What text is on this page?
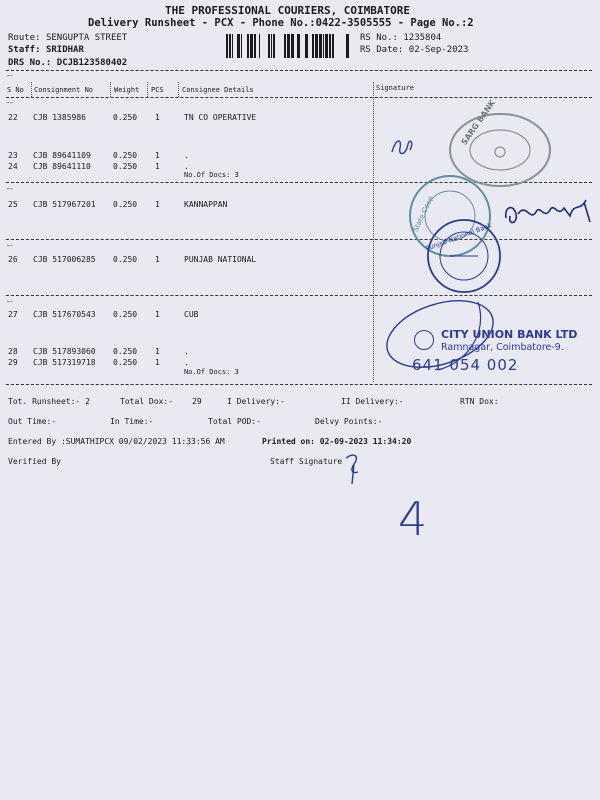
THE PROFESSIONAL COURIERS, COIMBATORE
Delivery Runsheet - PCX - Phone No.:0422-3505555 - Page No.:2
Route: SENGUPTA STREET
Staff: SRIDHAR
DRS No.: DCJB123580402
RS No.: 1235804
RS Date: 02-Sep-2023
--
S No Consignment No	Weight PCS	Consignee Details	Signature
--
22 CJB 1385986	0.250 1	TN CO OPERATIVE
23 CJB 89641109	0.250 1	.
24 CJB 89641110	0.250 1	.
25 CJB 517967201 0.250 1	KANNAPPAN
26 CJB 517006285 0.250 1	PUNJAB NATIONAL
27 CJB 517670543 0.250 1	CUB
28 CJB 517893060 0.250 1	.
29 CJB 517319718 0.250 1	.
No.Of Docs: 3
No.Of Docs: 3
--
--
--
Tot. Runsheet:- 2	Total Dox:- 29	I Delivery:-	II Delivery:-	RTN Dox:
Out Time:-	In Time:-	Total POD:-	Delvy Points:-
Entered By :SUMATHIPCX 09/02/2023 11:33:56 AM	Printed on: 02-09-2023 11:34:20
Verified By	Staff Signature
4
SARG BANK
State Coop
Punjab National Bank
CITY UNION BANK LTD
Ramnagar, Coimbatore-9.
641 054 002
